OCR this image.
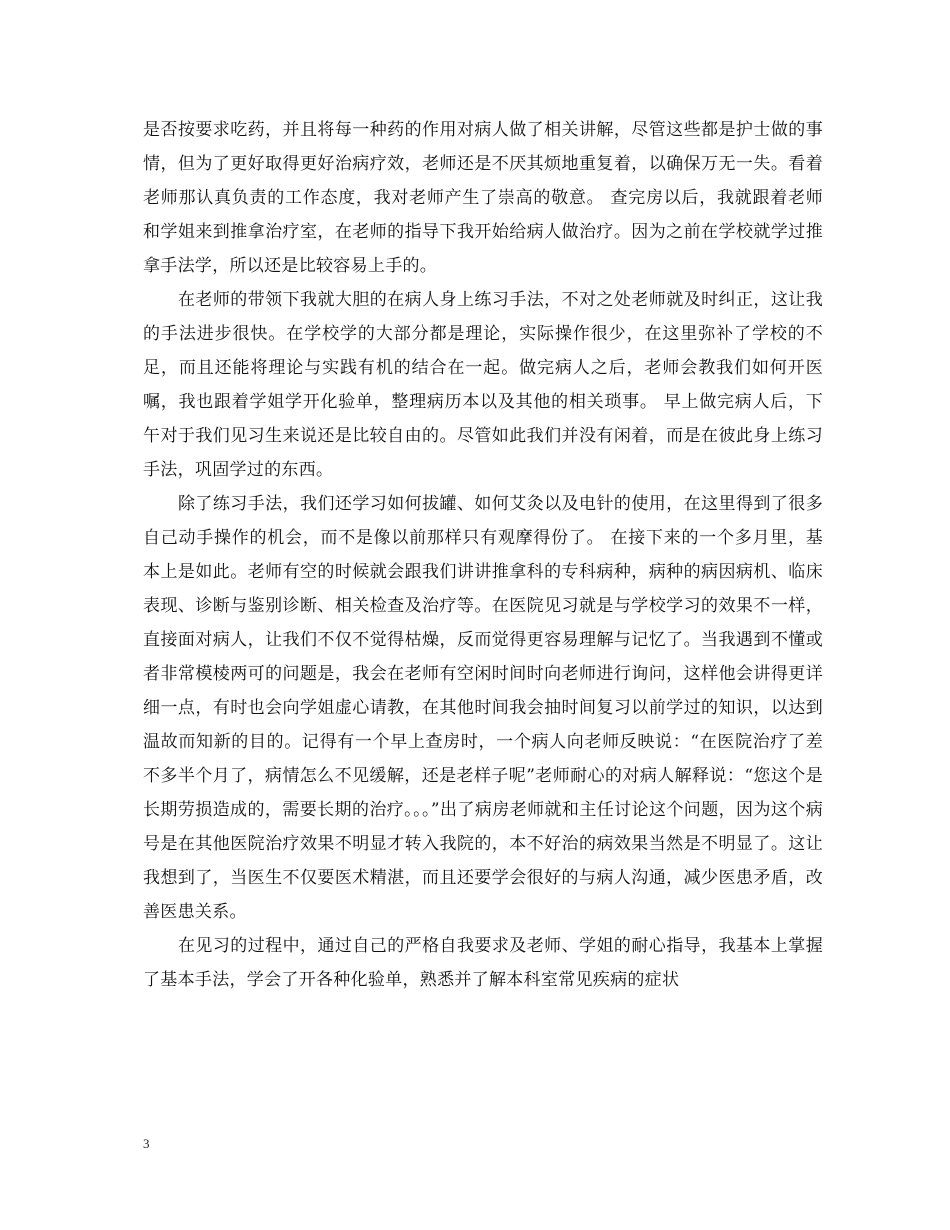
是否按要求吃药，并且将每一种药的作用对病人做了相关讲解，尽管这些都是护士做的事情，但为了更好取得更好治病疗效，老师还是不厌其烦地重复着，以确保万无一失。看着老师那认真负责的工作态度，我对老师产生了崇高的敬意。 查完房以后，我就跟着老师和学姐来到推拿治疗室，在老师的指导下我开始给病人做治疗。因为之前在学校就学过推拿手法学，所以还是比较容易上手的。

在老师的带领下我就大胆的在病人身上练习手法，不对之处老师就及时纠正，这让我的手法进步很快。在学校学的大部分都是理论，实际操作很少，在这里弥补了学校的不足，而且还能将理论与实践有机的结合在一起。做完病人之后，老师会教我们如何开医嘱，我也跟着学姐学开化验单，整理病历本以及其他的相关琐事。 早上做完病人后，下午对于我们见习生来说还是比较自由的。尽管如此我们并没有闲着，而是在彼此身上练习手法，巩固学过的东西。

除了练习手法，我们还学习如何拔罐、如何艾灸以及电针的使用，在这里得到了很多自己动手操作的机会，而不是像以前那样只有观摩得份了。 在接下来的一个多月里，基本上是如此。老师有空的时候就会跟我们讲讲推拿科的专科病种，病种的病因病机、临床表现、诊断与鉴别诊断、相关检查及治疗等。在医院见习就是与学校学习的效果不一样，直接面对病人，让我们不仅不觉得枯燥，反而觉得更容易理解与记忆了。当我遇到不懂或者非常模棱两可的问题是，我会在老师有空闲时间时向老师进行询问，这样他会讲得更详细一点，有时也会向学姐虚心请教，在其他时间我会抽时间复习以前学过的知识，以达到温故而知新的目的。记得有一个早上查房时，一个病人向老师反映说：“在医院治疗了差不多半个月了，病情怎么不见缓解，还是老样子呢”老师耐心的对病人解释说：“您这个是长期劳损造成的，需要长期的治疗。。。”出了病房老师就和主任讨论这个问题，因为这个病号是在其他医院治疗效果不明显才转入我院的，本不好治的病效果当然是不明显了。这让我想到了，当医生不仅要医术精湛，而且还要学会很好的与病人沟通，减少医患矛盾，改善医患关系。

在见习的过程中，通过自己的严格自我要求及老师、学姐的耐心指导，我基本上掌握了基本手法，学会了开各种化验单，熟悉并了解本科室常见疾病的症状

3
